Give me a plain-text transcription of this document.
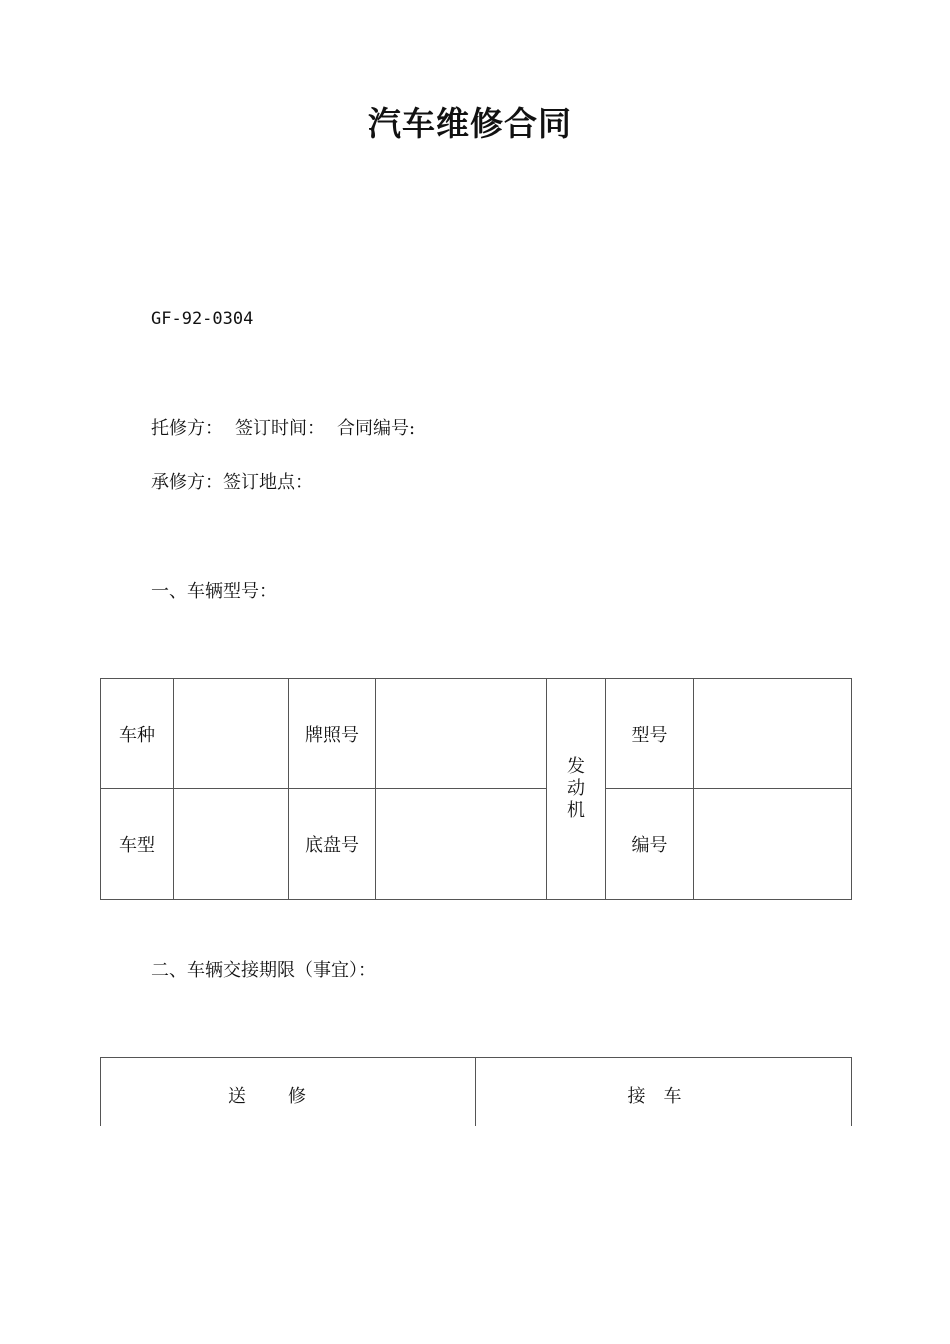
汽车维修合同
GF-92-0304
托修方： 签订时间： 合同编号:
承修方：签订地点：
一、车辆型号：
车种		牌照号		发动机	型号	
车型		底盘号			编号	
二、车辆交接期限（事宜）：
送修	接车
